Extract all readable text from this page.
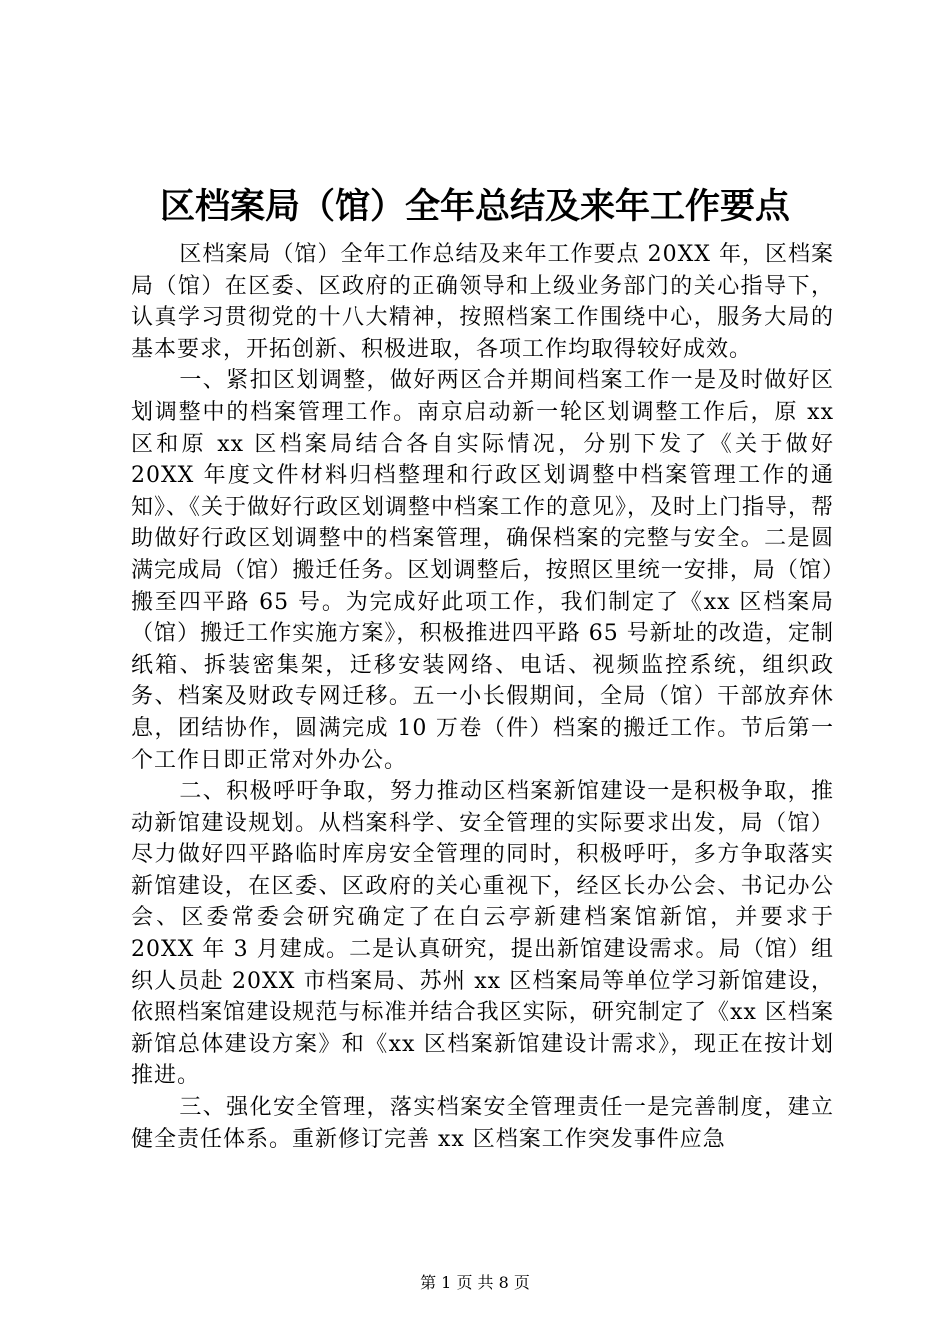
区档案局（馆）全年总结及来年工作要点

区档案局（馆）全年工作总结及来年工作要点 20XX 年，区档案局（馆）在区委、区政府的正确领导和上级业务部门的关心指导下，认真学习贯彻党的十八大精神，按照档案工作围绕中心，服务大局的基本要求，开拓创新、积极进取，各项工作均取得较好成效。

一、紧扣区划调整，做好两区合并期间档案工作一是及时做好区划调整中的档案管理工作。南京启动新一轮区划调整工作后，原 xx 区和原 xx 区档案局结合各自实际情况，分别下发了《关于做好 20XX 年度文件材料归档整理和行政区划调整中档案管理工作的通知》、《关于做好行政区划调整中档案工作的意见》，及时上门指导，帮助做好行政区划调整中的档案管理，确保档案的完整与安全。二是圆满完成局（馆）搬迁任务。区划调整后，按照区里统一安排，局（馆）搬至四平路 65 号。为完成好此项工作，我们制定了《xx 区档案局（馆）搬迁工作实施方案》，积极推进四平路 65 号新址的改造，定制纸箱、拆装密集架，迁移安装网络、电话、视频监控系统，组织政务、档案及财政专网迁移。五一小长假期间，全局（馆）干部放弃休息，团结协作，圆满完成 10 万卷（件）档案的搬迁工作。节后第一个工作日即正常对外办公。

二、积极呼吁争取，努力推动区档案新馆建设一是积极争取，推动新馆建设规划。从档案科学、安全管理的实际要求出发，局（馆）尽力做好四平路临时库房安全管理的同时，积极呼吁，多方争取落实新馆建设，在区委、区政府的关心重视下，经区长办公会、书记办公会、区委常委会研究确定了在白云亭新建档案馆新馆，并要求于 20XX 年 3 月建成。二是认真研究，提出新馆建设需求。局（馆）组织人员赴 20XX 市档案局、苏州 xx 区档案局等单位学习新馆建设，依照档案馆建设规范与标准并结合我区实际，研究制定了《xx 区档案新馆总体建设方案》和《xx 区档案新馆建设计需求》，现正在按计划推进。

三、强化安全管理，落实档案安全管理责任一是完善制度，建立健全责任体系。重新修订完善 xx 区档案工作突发事件应急

第 1 页 共 8 页
